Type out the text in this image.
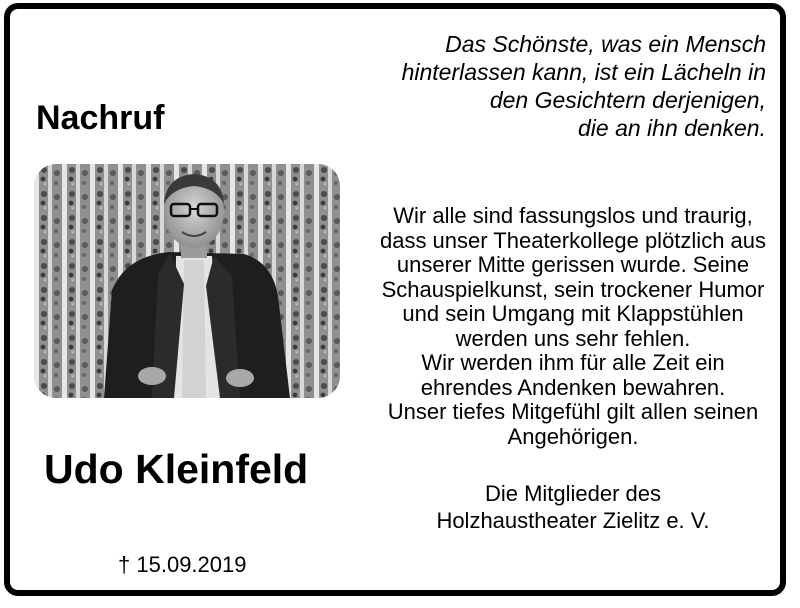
Das Schönste, was ein Mensch
hinterlassen kann, ist ein Lächeln in
den Gesichtern derjenigen,
die an ihn denken.
Nachruf
Udo Kleinfeld
† 15.09.2019
Wir alle sind fassungslos und traurig,
dass unser Theaterkollege plötzlich aus
unserer Mitte gerissen wurde. Seine
Schauspielkunst, sein trockener Humor
und sein Umgang mit Klappstühlen
werden uns sehr fehlen.
Wir werden ihm für alle Zeit ein
ehrendes Andenken bewahren.
Unser tiefes Mitgefühl gilt allen seinen
Angehörigen.
Die Mitglieder des
Holzhaustheater Zielitz e. V.
